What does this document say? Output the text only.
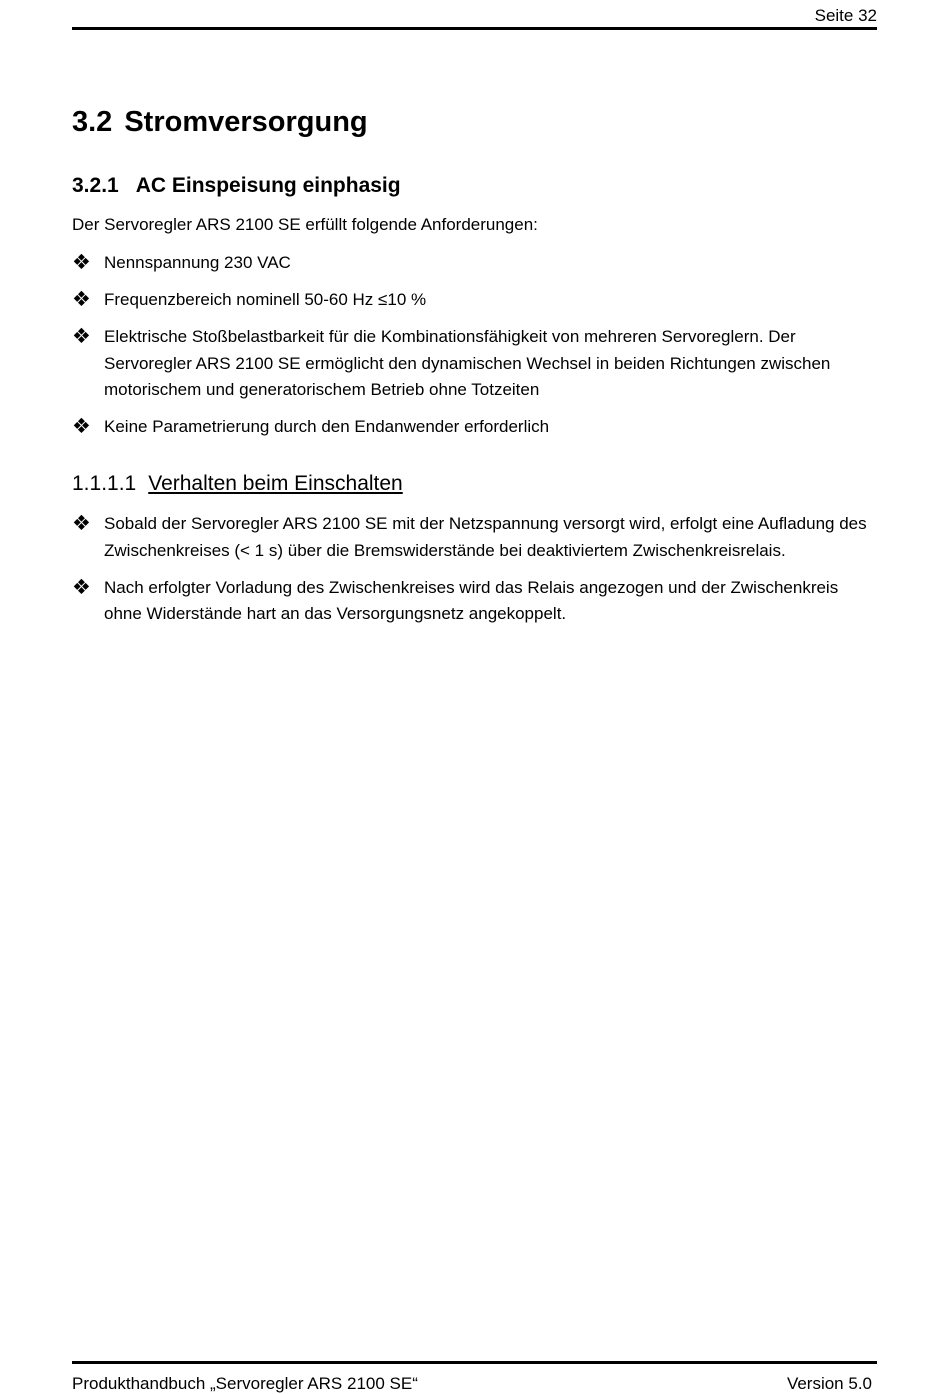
Seite 32
3.2 Stromversorgung
3.2.1 AC Einspeisung einphasig

Der Servoregler ARS 2100 SE erfüllt folgende Anforderungen:

❖ Nennspannung 230 VAC
❖ Frequenzbereich nominell 50-60 Hz ≤10 %
❖ Elektrische Stoßbelastbarkeit für die Kombinationsfähigkeit von mehreren Servoreglern. Der Servoregler ARS 2100 SE ermöglicht den dynamischen Wechsel in beiden Richtungen zwischen motorischem und generatorischem Betrieb ohne Totzeiten
❖ Keine Parametrierung durch den Endanwender erforderlich
1.1.1.1 Verhalten beim Einschalten
❖ Sobald der Servoregler ARS 2100 SE mit der Netzspannung versorgt wird, erfolgt eine Aufladung des Zwischenkreises (< 1 s) über die Bremswiderstände bei deaktiviertem Zwischenkreisrelais.
❖ Nach erfolgter Vorladung des Zwischenkreises wird das Relais angezogen und der Zwischenkreis ohne Widerstände hart an das Versorgungsnetz angekoppelt.
Produkthandbuch „Servoregler ARS 2100 SE“	Version 5.0
